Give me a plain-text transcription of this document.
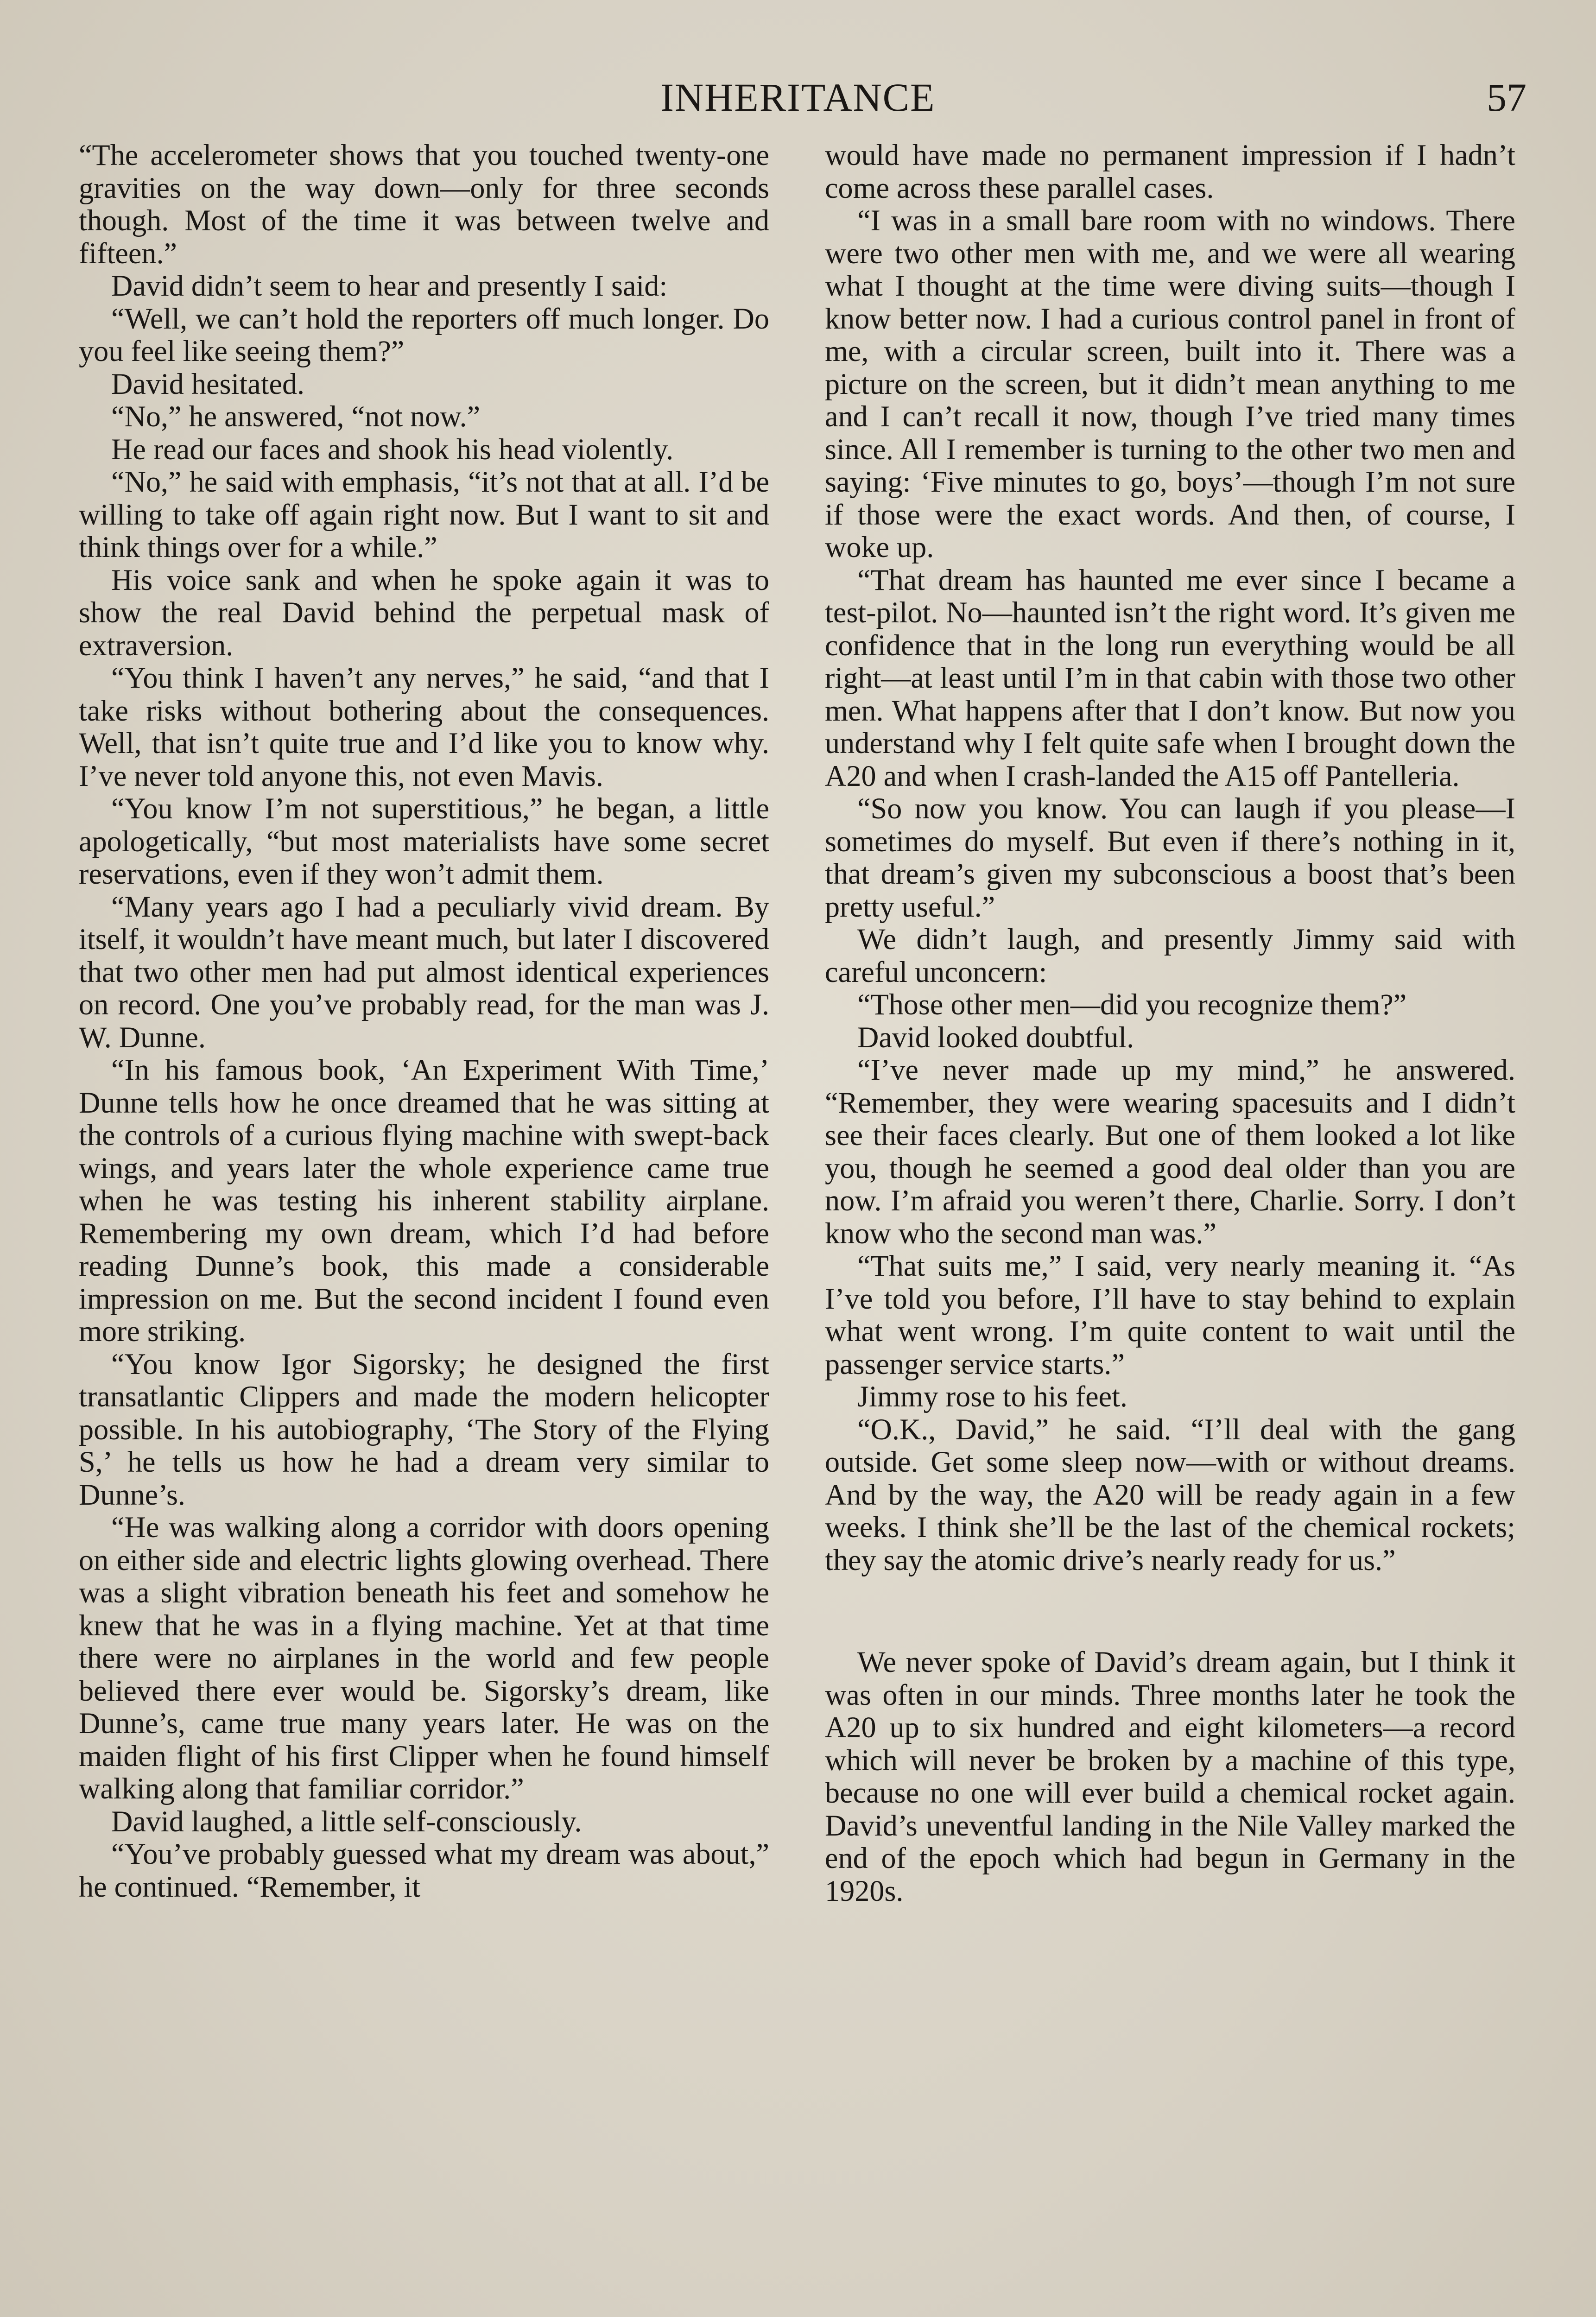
INHERITANCE	57

“The accelerometer shows that you touched twenty-one gravities on the way down—only for three seconds though. Most of the time it was between twelve and fifteen.”

David didn’t seem to hear and presently I said:

“Well, we can’t hold the reporters off much longer. Do you feel like seeing them?”

David hesitated.

“No,” he answered, “not now.”

He read our faces and shook his head violently.

“No,” he said with emphasis, “it’s not that at all. I’d be willing to take off again right now. But I want to sit and think things over for a while.”

His voice sank and when he spoke again it was to show the real David behind the perpetual mask of extraversion.

“You think I haven’t any nerves,” he said, “and that I take risks without bothering about the consequences. Well, that isn’t quite true and I’d like you to know why. I’ve never told anyone this, not even Mavis.

“You know I’m not superstitious,” he began, a little apologetically, “but most materialists have some secret reservations, even if they won’t admit them.

“Many years ago I had a peculiarly vivid dream. By itself, it wouldn’t have meant much, but later I discovered that two other men had put almost identical experiences on record. One you’ve probably read, for the man was J. W. Dunne.

“In his famous book, ‘An Experiment With Time,’ Dunne tells how he once dreamed that he was sitting at the controls of a curious flying machine with swept-back wings, and years later the whole experience came true when he was testing his inherent stability airplane. Remembering my own dream, which I’d had before reading Dunne’s book, this made a considerable impression on me. But the second incident I found even more striking.

“You know Igor Sigorsky; he designed the first transatlantic Clippers and made the modern helicopter possible. In his autobiography, ‘The Story of the Flying S,’ he tells us how he had a dream very similar to Dunne’s.

“He was walking along a corridor with doors opening on either side and electric lights glowing overhead. There was a slight vibration beneath his feet and somehow he knew that he was in a flying machine. Yet at that time there were no airplanes in the world and few people believed there ever would be. Sigorsky’s dream, like Dunne’s, came true many years later. He was on the maiden flight of his first Clipper when he found himself walking along that familiar corridor.”

David laughed, a little self-consciously.

“You’ve probably guessed what my dream was about,” he continued. “Remember, it

would have made no permanent impression if I hadn’t come across these parallel cases.

“I was in a small bare room with no windows. There were two other men with me, and we were all wearing what I thought at the time were diving suits—though I know better now. I had a curious control panel in front of me, with a circular screen, built into it. There was a picture on the screen, but it didn’t mean anything to me and I can’t recall it now, though I’ve tried many times since. All I remember is turning to the other two men and saying: ‘Five minutes to go, boys’—though I’m not sure if those were the exact words. And then, of course, I woke up.

“That dream has haunted me ever since I became a test-pilot. No—haunted isn’t the right word. It’s given me confidence that in the long run everything would be all right—at least until I’m in that cabin with those two other men. What happens after that I don’t know. But now you understand why I felt quite safe when I brought down the A20 and when I crash-landed the A15 off Pantelleria.

“So now you know. You can laugh if you please—I sometimes do myself. But even if there’s nothing in it, that dream’s given my subconscious a boost that’s been pretty useful.”

We didn’t laugh, and presently Jimmy said with careful unconcern:

“Those other men—did you recognize them?”

David looked doubtful.

“I’ve never made up my mind,” he answered. “Remember, they were wearing spacesuits and I didn’t see their faces clearly. But one of them looked a lot like you, though he seemed a good deal older than you are now. I’m afraid you weren’t there, Charlie. Sorry. I don’t know who the second man was.”

“That suits me,” I said, very nearly meaning it. “As I’ve told you before, I’ll have to stay behind to explain what went wrong. I’m quite content to wait until the passenger service starts.”

Jimmy rose to his feet.

“O.K., David,” he said. “I’ll deal with the gang outside. Get some sleep now—with or without dreams. And by the way, the A20 will be ready again in a few weeks. I think she’ll be the last of the chemical rockets; they say the atomic drive’s nearly ready for us.”

We never spoke of David’s dream again, but I think it was often in our minds. Three months later he took the A20 up to six hundred and eight kilometers—a record which will never be broken by a machine of this type, because no one will ever build a chemical rocket again. David’s uneventful landing in the Nile Valley marked the end of the epoch which had begun in Germany in the 1920s.
